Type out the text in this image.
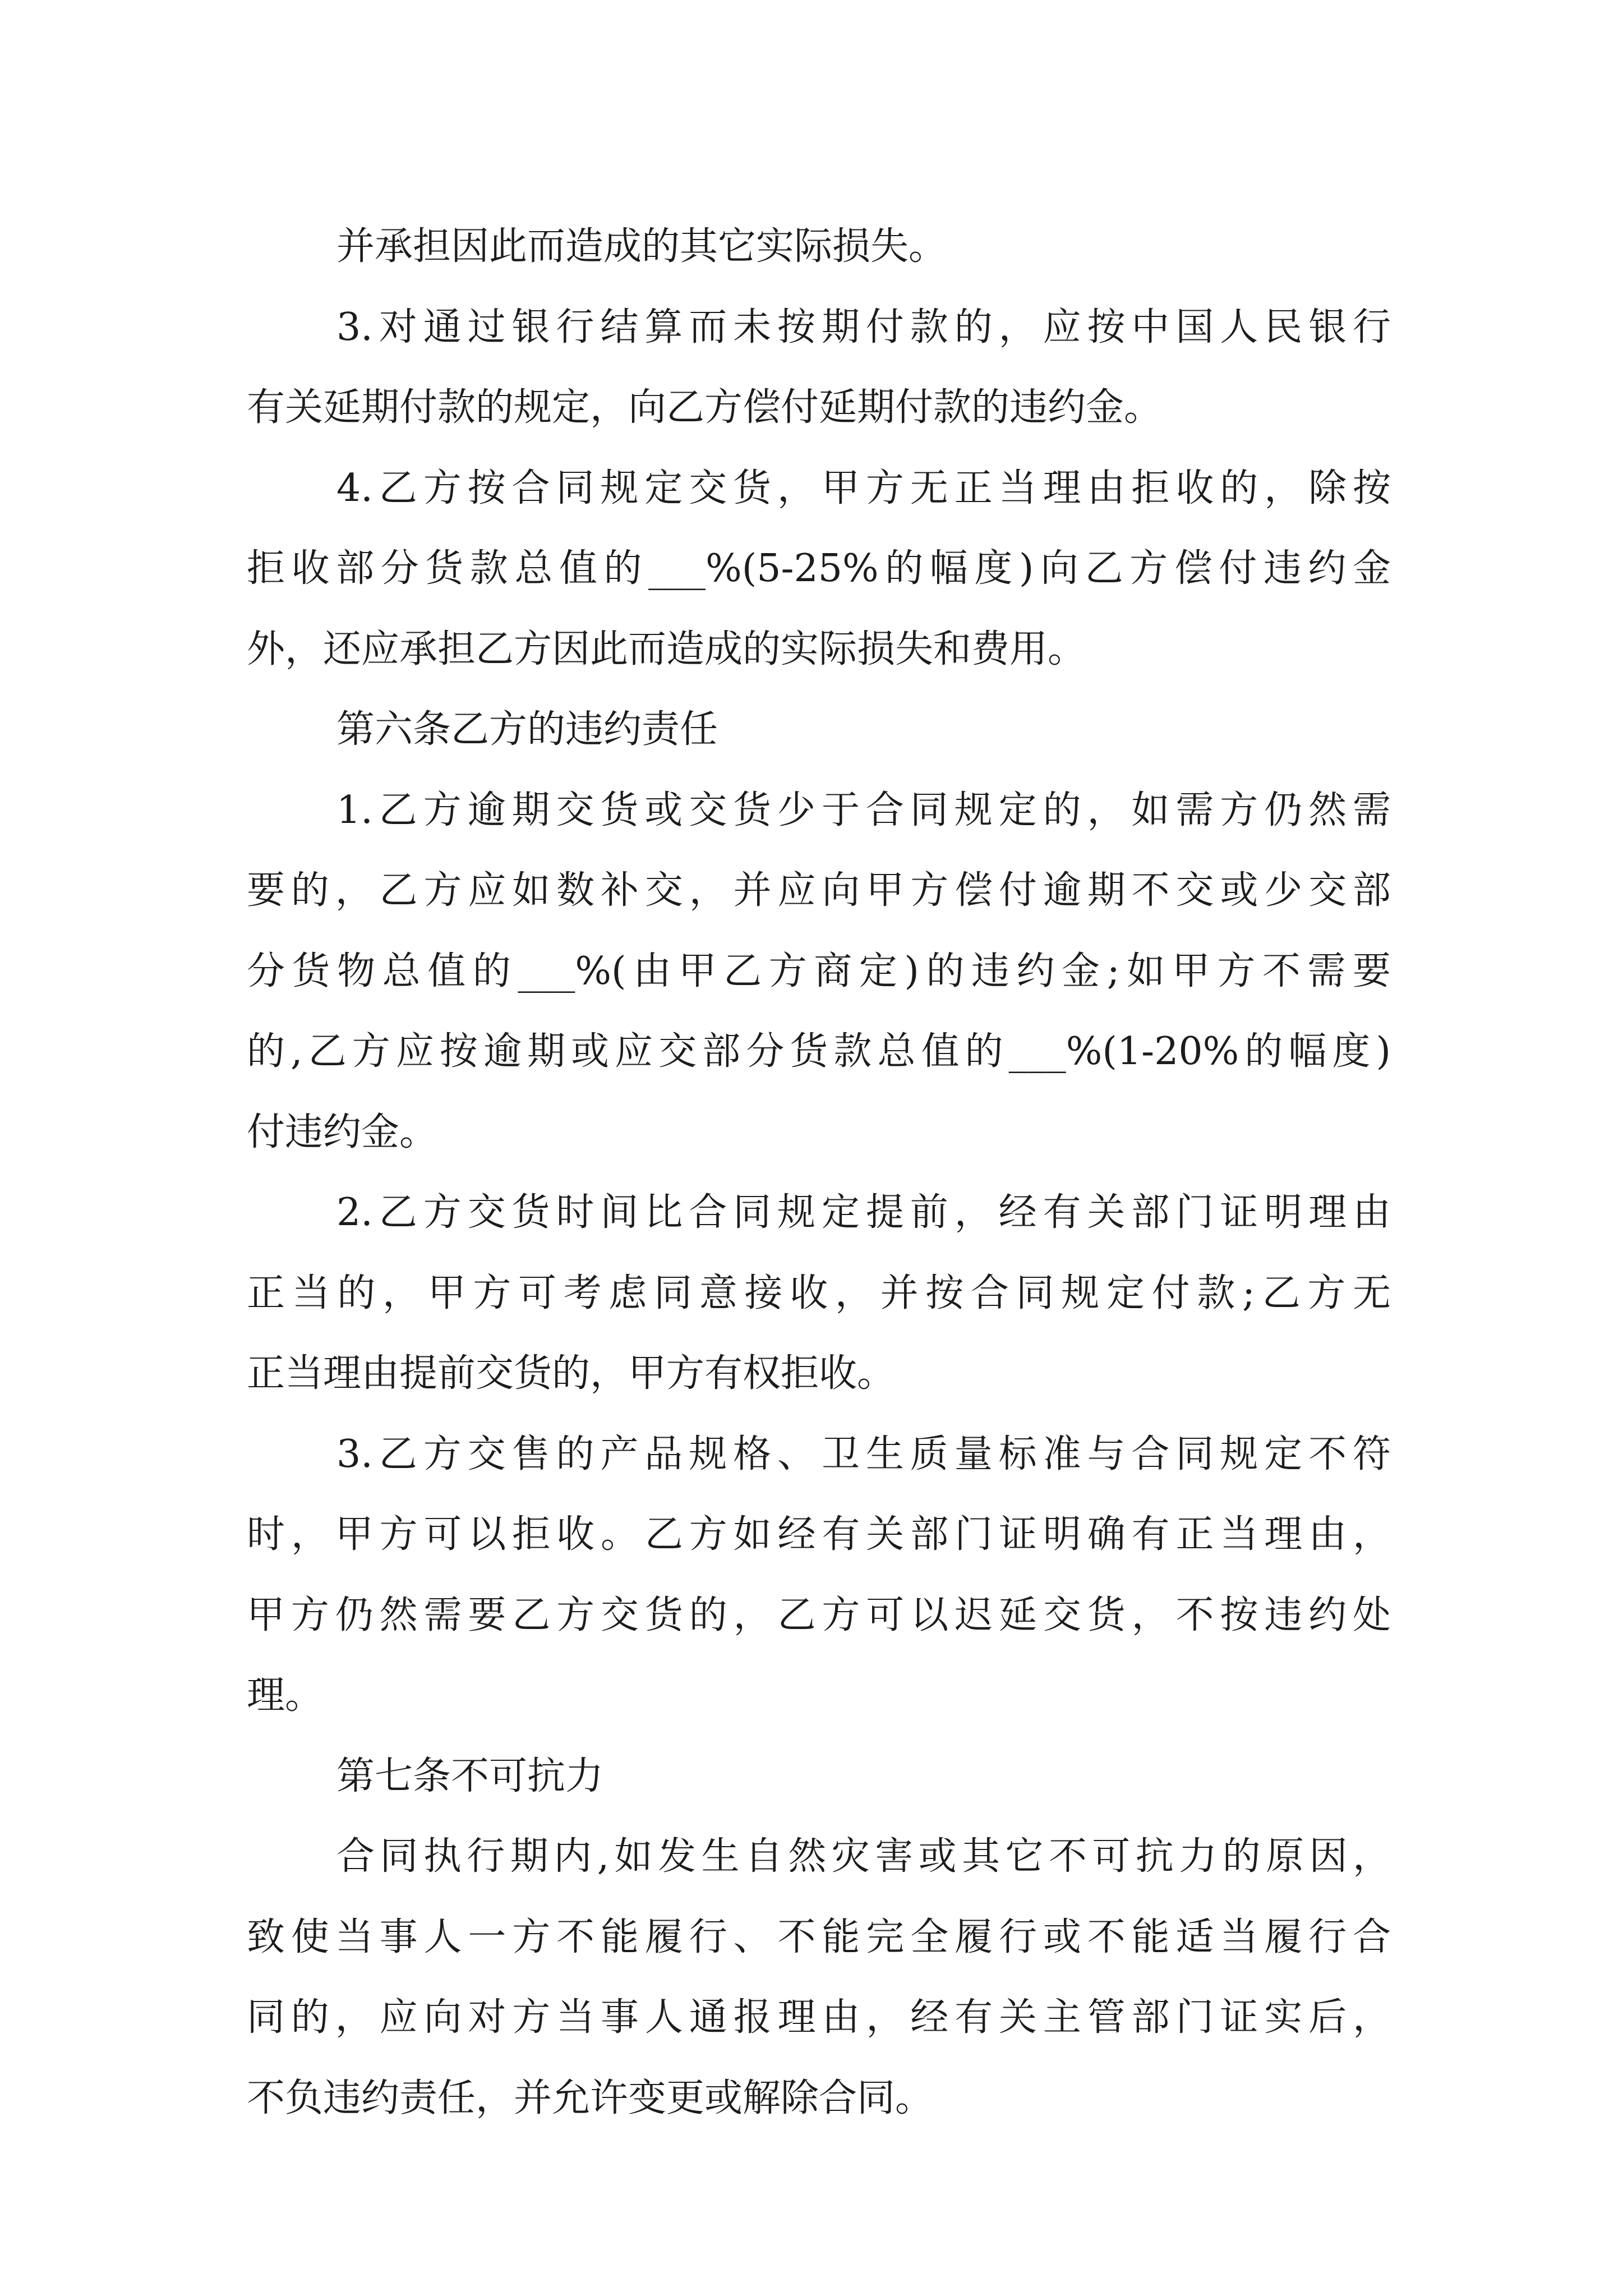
并承担因此而造成的其它实际损失。
3.对通过银行结算而未按期付款的，应按中国人民银行
有关延期付款的规定，向乙方偿付延期付款的违约金。
4.乙方按合同规定交货，甲方无正当理由拒收的，除按
拒收部分货款总值的___%(5-25%的幅度)向乙方偿付违约金
外，还应承担乙方因此而造成的实际损失和费用。
第六条乙方的违约责任
1.乙方逾期交货或交货少于合同规定的，如需方仍然需
要的，乙方应如数补交，并应向甲方偿付逾期不交或少交部
分货物总值的___%(由甲乙方商定)的违约金;如甲方不需要
的,乙方应按逾期或应交部分货款总值的___%(1-20%的幅度)
付违约金。
2.乙方交货时间比合同规定提前，经有关部门证明理由
正当的，甲方可考虑同意接收，并按合同规定付款;乙方无
正当理由提前交货的，甲方有权拒收。
3.乙方交售的产品规格、卫生质量标准与合同规定不符
时，甲方可以拒收。乙方如经有关部门证明确有正当理由，
甲方仍然需要乙方交货的，乙方可以迟延交货，不按违约处
理。
第七条不可抗力
合同执行期内,如发生自然灾害或其它不可抗力的原因，
致使当事人一方不能履行、不能完全履行或不能适当履行合
同的，应向对方当事人通报理由，经有关主管部门证实后，
不负违约责任，并允许变更或解除合同。
